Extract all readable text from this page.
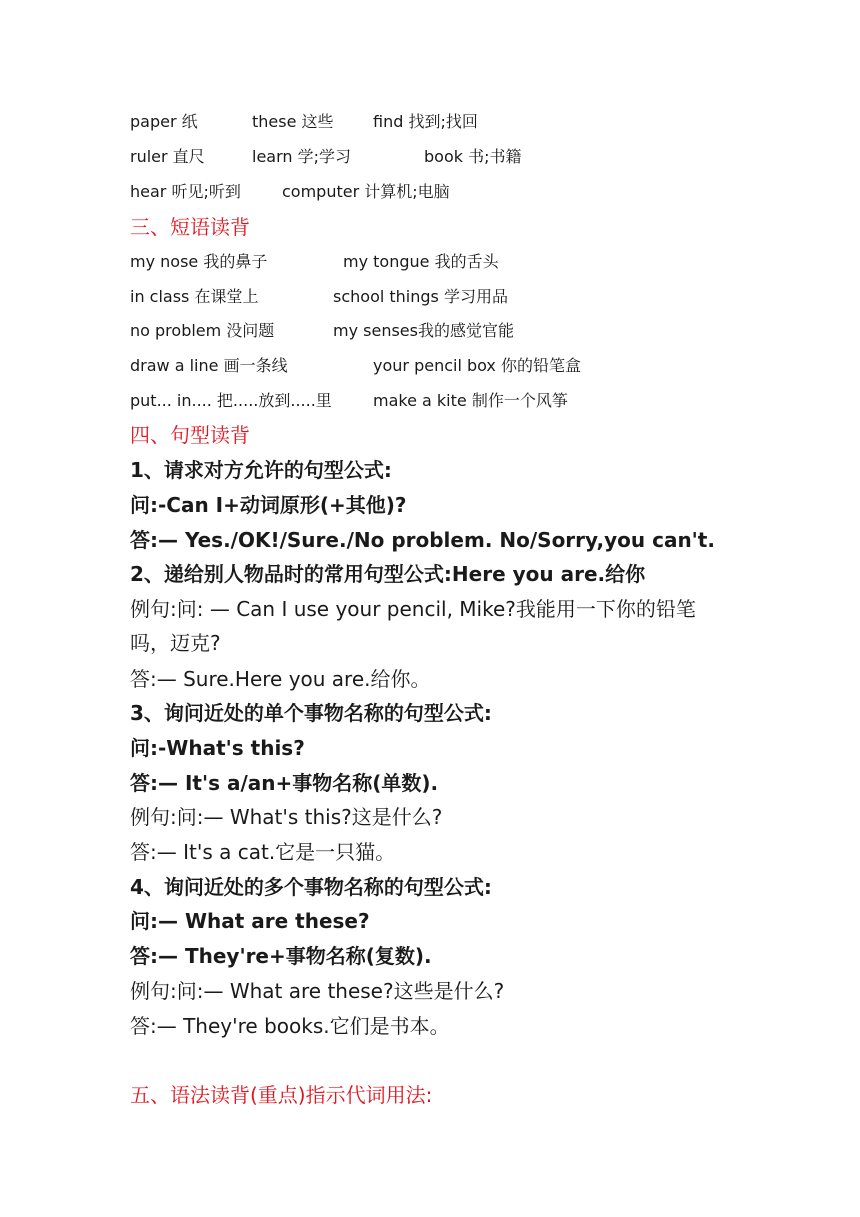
paper 纸	these 这些 find 找到;找回
ruler 直尺	learn 学;学习	book 书;书籍
hear 听见;听到	computer 计算机;电脑
三、短语读背
my nose 我的鼻子	my tongue 我的舌头
in class 在课堂上	school things 学习用品
no problem 没问题	my senses我的感觉官能
draw a line 画一条线	your pencil box 你的铅笔盒
put... in.... 把.....放到.....里	make a kite 制作一个风筝
四、句型读背
1、请求对方允许的句型公式:
问:-Can I+动词原形(+其他)?
答:— Yes./OK!/Sure./No problem. No/Sorry,you can't.
2、递给别人物品时的常用句型公式:Here you are.给你
例句:问: — Can I use your pencil, Mike?我能用一下你的铅笔吗，迈克?
答:— Sure.Here you are.给你。
3、询问近处的单个事物名称的句型公式:
问:-What's this?
答:— It's a/an+事物名称(单数).
例句:问:— What's this?这是什么?
答:— It's a cat.它是一只猫。
4、询问近处的多个事物名称的句型公式:
问:— What are these?
答:— They're+事物名称(复数).
例句:问:— What are these?这些是什么?
答:— They're books.它们是书本。
五、语法读背(重点)指示代词用法:
